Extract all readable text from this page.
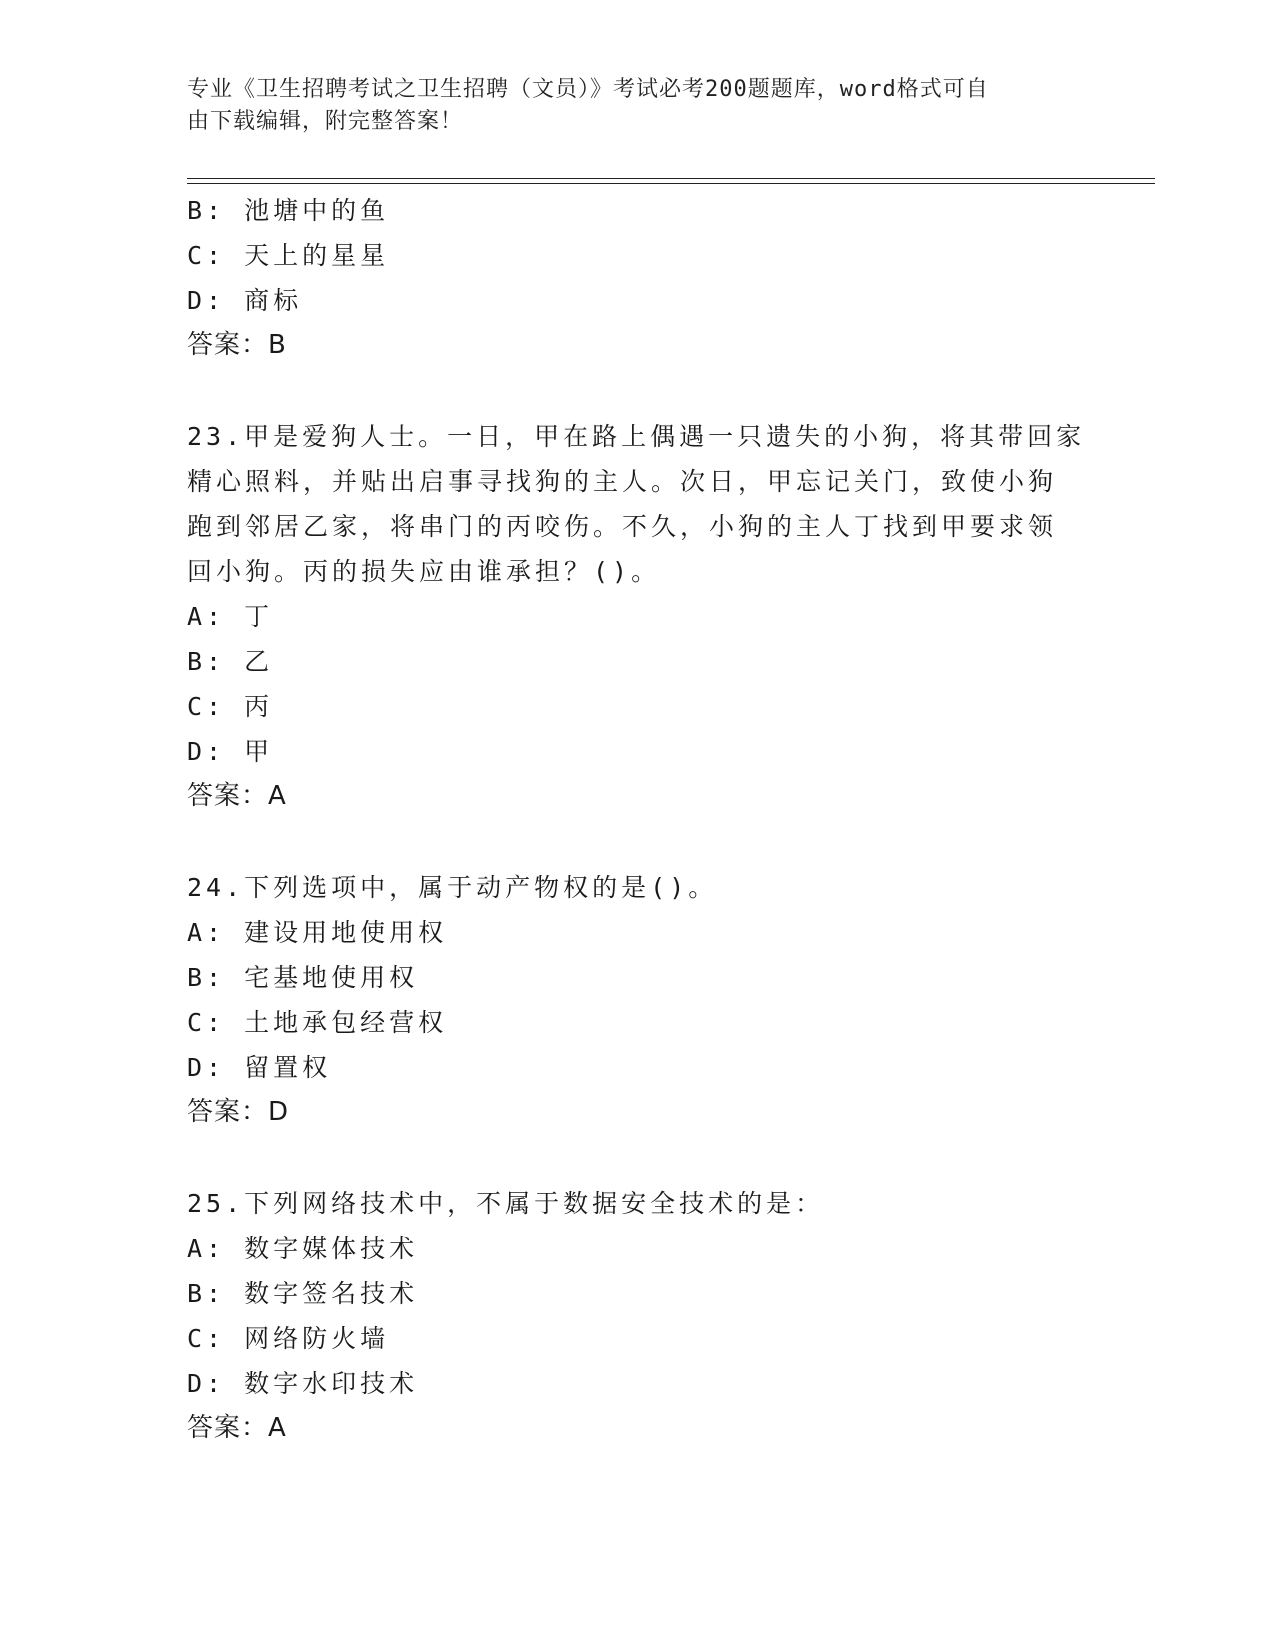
专业《卫生招聘考试之卫生招聘（文员）》考试必考200题题库，word格式可自
由下载编辑，附完整答案！
B: 池塘中的鱼
C: 天上的星星
D: 商标
答案：B
23.甲是爱狗人士。一日，甲在路上偶遇一只遗失的小狗，将其带回家
精心照料，并贴出启事寻找狗的主人。次日，甲忘记关门，致使小狗
跑到邻居乙家，将串门的丙咬伤。不久，小狗的主人丁找到甲要求领
回小狗。丙的损失应由谁承担？()。
A: 丁
B: 乙
C: 丙
D: 甲
答案：A
24.下列选项中，属于动产物权的是()。
A: 建设用地使用权
B: 宅基地使用权
C: 土地承包经营权
D: 留置权
答案：D
25.下列网络技术中，不属于数据安全技术的是：
A: 数字媒体技术
B: 数字签名技术
C: 网络防火墙
D: 数字水印技术
答案：A
